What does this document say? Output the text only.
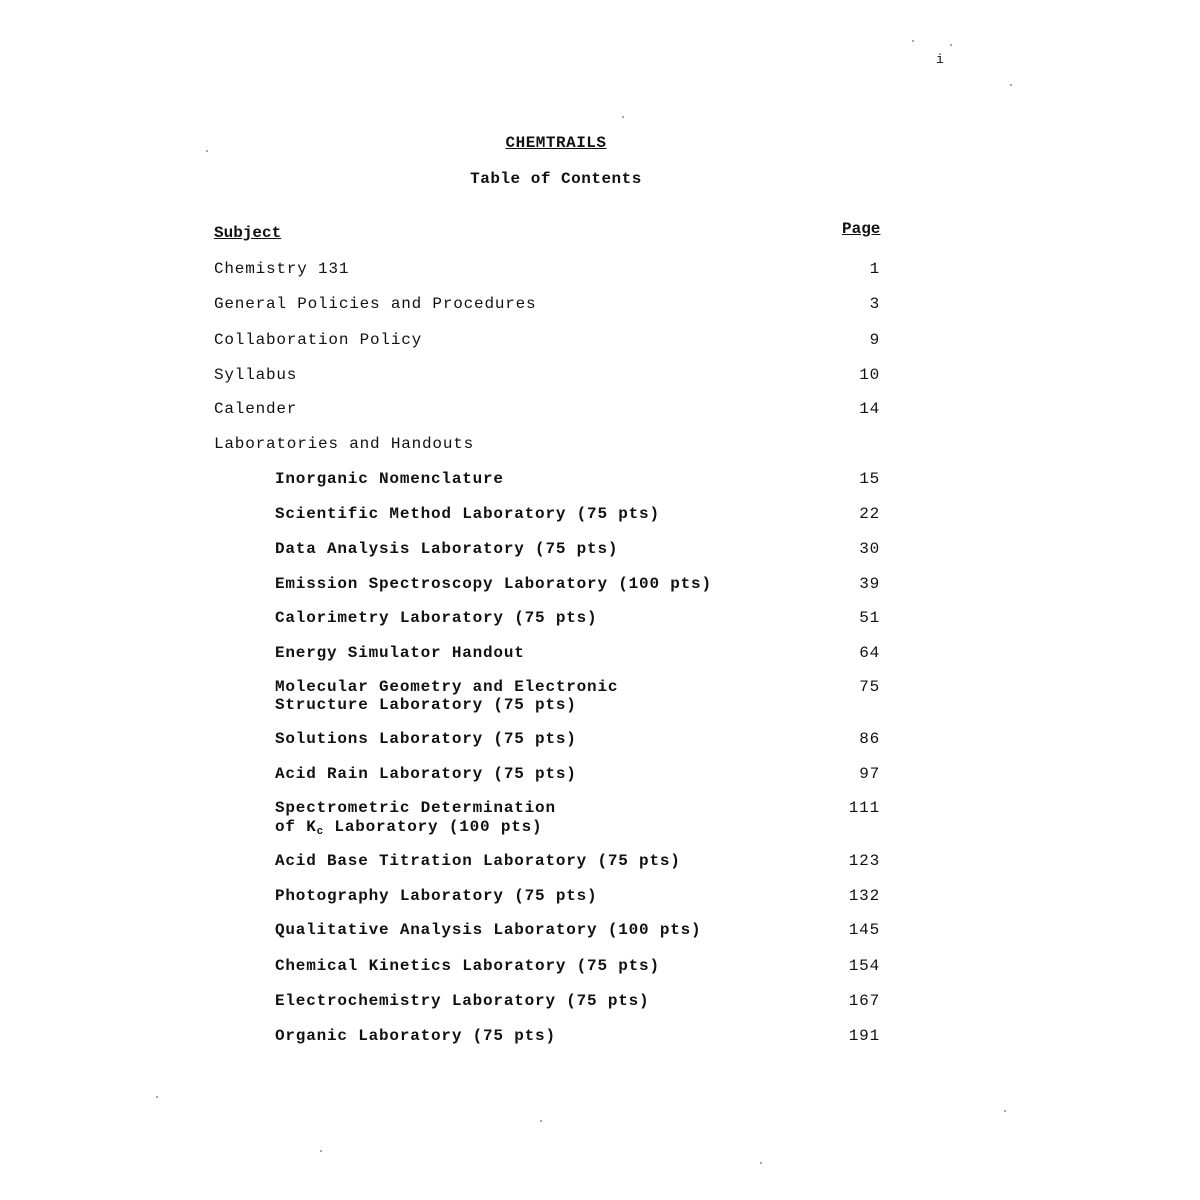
i
CHEMTRAILS
Table of Contents
Subject	Page
Chemistry 131	1
General Policies and Procedures	3
Collaboration Policy	9
Syllabus	10
Calender	14
Laboratories and Handouts
Inorganic Nomenclature	15
Scientific Method Laboratory (75 pts)	22
Data Analysis Laboratory (75 pts)	30
Emission Spectroscopy Laboratory (100 pts)	39
Calorimetry Laboratory (75 pts)	51
Energy Simulator Handout	64
Molecular Geometry and Electronic	75
Structure Laboratory (75 pts)
Solutions Laboratory (75 pts)	86
Acid Rain Laboratory (75 pts)	97
Spectrometric Determination	111
of $K_c$ Laboratory (100 pts)
Acid Base Titration Laboratory (75 pts)	123
Photography Laboratory (75 pts)	132
Qualitative Analysis Laboratory (100 pts)	145
Chemical Kinetics Laboratory (75 pts)	154
Electrochemistry Laboratory (75 pts)	167
Organic Laboratory (75 pts)	191
